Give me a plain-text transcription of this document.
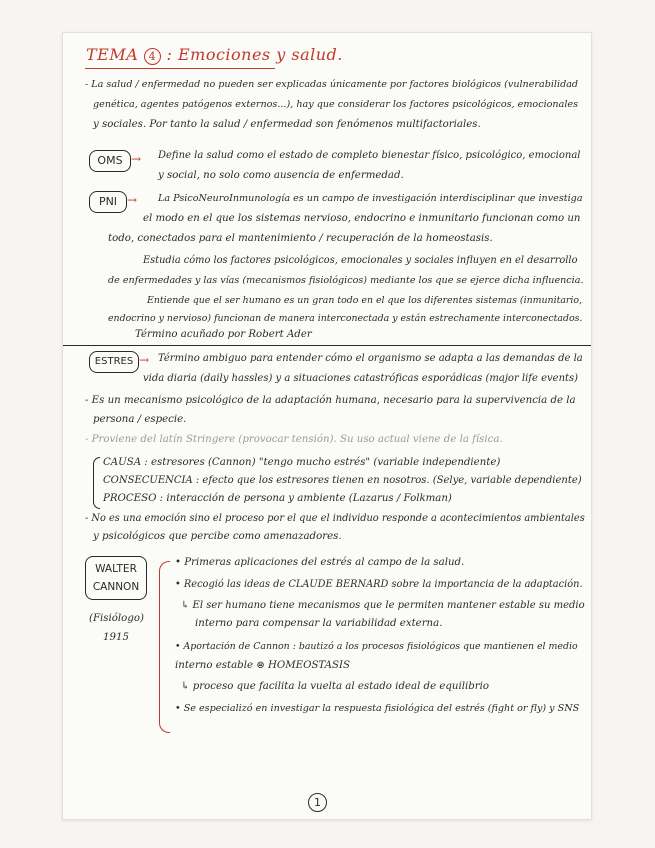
TEMA 4 : Emociones y salud.
- La salud / enfermedad no pueden ser explicadas únicamente por factores biológicos (vulnerabilidad
genética, agentes patógenos externos...), hay que considerar los factores psicológicos, emocionales
y sociales. Por tanto la salud / enfermedad son fenómenos multifactoriales.
OMS → Define la salud como el estado de completo bienestar físico, psicológico, emocional
y social, no solo como ausencia de enfermedad.
PNI → La PsicoNeuroInmunología es un campo de investigación interdisciplinar que investiga
el modo en el que los sistemas nervioso, endocrino e inmunitario funcionan como un
todo, conectados para el mantenimiento / recuperación de la homeostasis.
Estudia cómo los factores psicológicos, emocionales y sociales influyen en el desarrollo
de enfermedades y las vías (mecanismos fisiológicos) mediante los que se ejerce dicha influencia.
Entiende que el ser humano es un gran todo en el que los diferentes sistemas (inmunitario,
endocrino y nervioso) funcionan de manera interconectada y están estrechamente interconectados.
Término acuñado por Robert Ader
ESTRES → Término ambiguo para entender cómo el organismo se adapta a las demandas de la
vida diaria (daily hassles) y a situaciones catastróficas esporádicas (major life events)
- Es un mecanismo psicológico de la adaptación humana, necesario para la supervivencia de la
persona / especie.
- Proviene del latín Stringere (provocar tensión). Su uso actual viene de la física.
CAUSA : estresores (Cannon) "tengo mucho estrés" (variable independiente)
CONSECUENCIA : efecto que los estresores tienen en nosotros. (Selye, variable dependiente)
PROCESO : interacción de persona y ambiente (Lazarus / Folkman)
- No es una emoción sino el proceso por el que el individuo responde a acontecimientos ambientales
y psicológicos que percibe como amenazadores.
WALTER
CANNON
(Fisiólogo)
1915
• Primeras aplicaciones del estrés al campo de la salud.
• Recogió las ideas de CLAUDE BERNARD sobre la importancia de la adaptación.
↳ El ser humano tiene mecanismos que le permiten mantener estable su medio
interno para compensar la variabilidad externa.
• Aportación de Cannon : bautizó a los procesos fisiológicos que mantienen el medio
interno estable ⊜ HOMEOSTASIS
↳ proceso que facilita la vuelta al estado ideal de equilibrio
• Se especializó en investigar la respuesta fisiológica del estrés (fight or fly) y SNS
1
